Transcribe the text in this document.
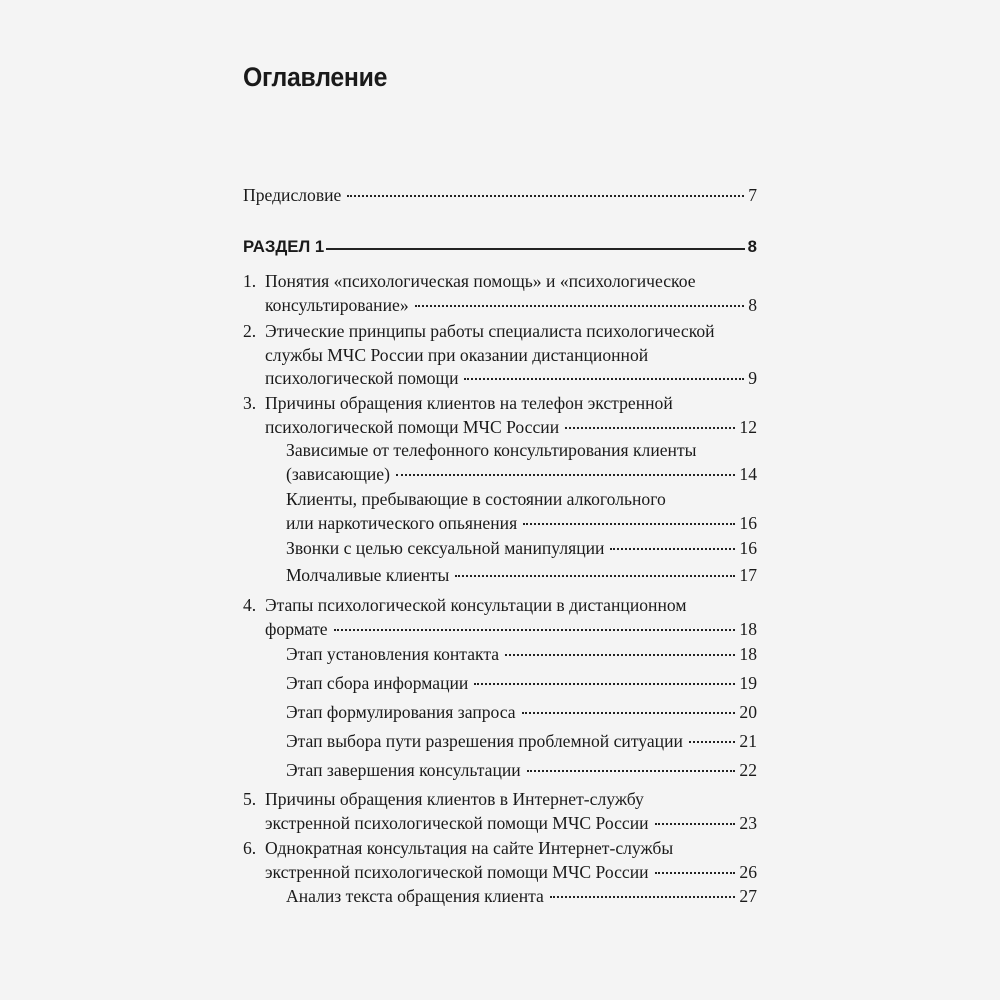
Оглавление
Предисловие	7
РАЗДЕЛ 1	8
1. Понятия «психологическая помощь» и «психологическое
консультирование»	8
2. Этические принципы работы специалиста психологической
службы МЧС России при оказании дистанционной
психологической помощи	9
3. Причины обращения клиентов на телефон экстренной
психологической помощи МЧС России	12
Зависимые от телефонного консультирования клиенты
(зависающие)	14
Клиенты, пребывающие в состоянии алкогольного
или наркотического опьянения	16
Звонки с целью сексуальной манипуляции	16
Молчаливые клиенты	17
4. Этапы психологической консультации в дистанционном
формате	18
Этап установления контакта	18
Этап сбора информации	19
Этап формулирования запроса	20
Этап выбора пути разрешения проблемной ситуации	21
Этап завершения консультации	22
5. Причины обращения клиентов в Интернет-службу
экстренной психологической помощи МЧС России	23
6. Однократная консультация на сайте Интернет-службы
экстренной психологической помощи МЧС России	26
Анализ текста обращения клиента	27
